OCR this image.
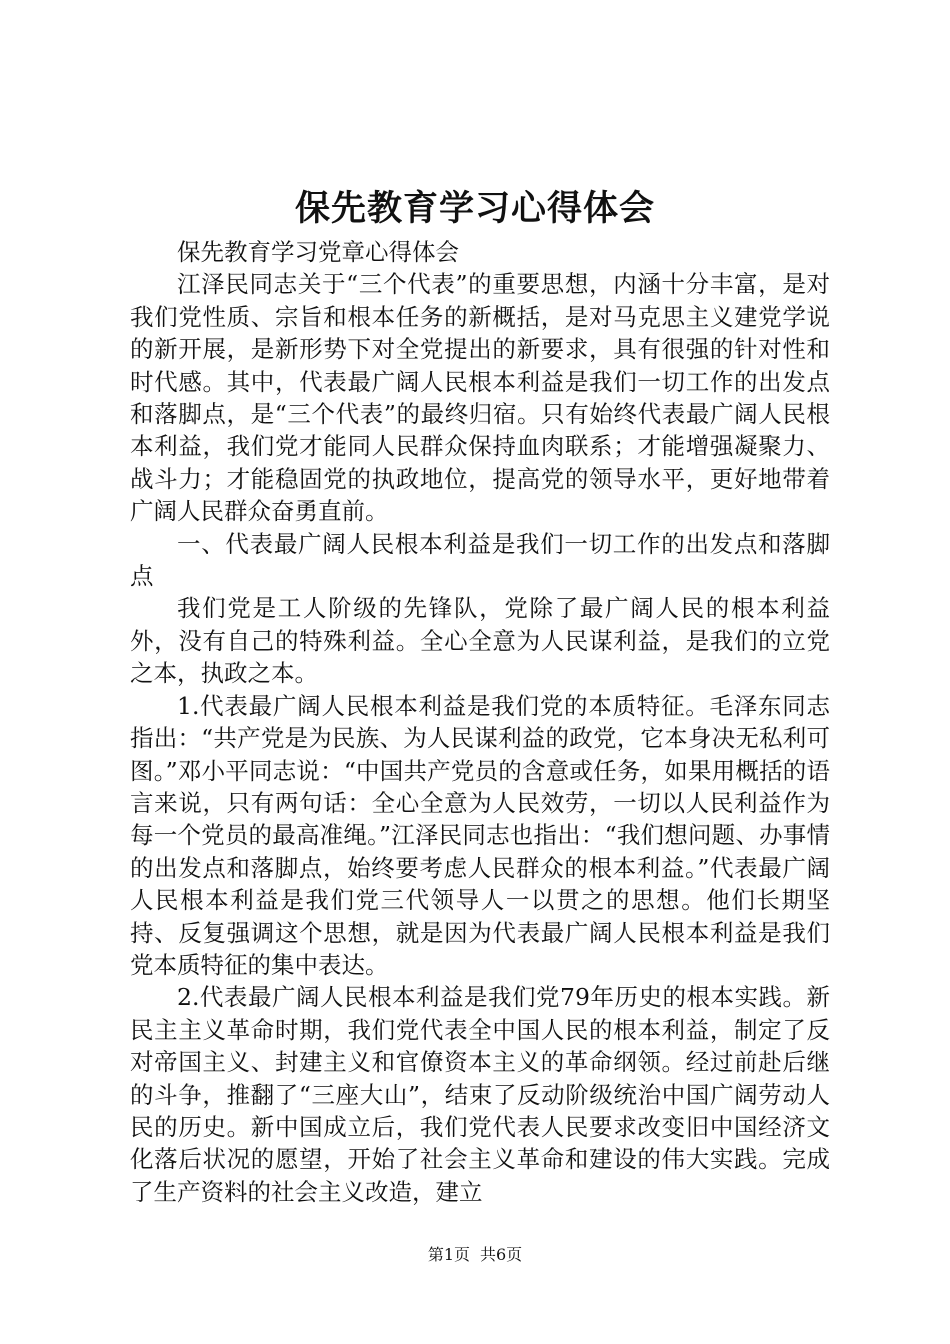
保先教育学习心得体会

保先教育学习党章心得体会

江泽民同志关于“三个代表”的重要思想，内涵十分丰富，是对我们党性质、宗旨和根本任务的新概括，是对马克思主义建党学说的新开展，是新形势下对全党提出的新要求，具有很强的针对性和时代感。其中，代表最广阔人民根本利益是我们一切工作的出发点和落脚点，是“三个代表”的最终归宿。只有始终代表最广阔人民根本利益，我们党才能同人民群众保持血肉联系；才能增强凝聚力、战斗力；才能稳固党的执政地位，提高党的领导水平，更好地带着广阔人民群众奋勇直前。

一、代表最广阔人民根本利益是我们一切工作的出发点和落脚点

我们党是工人阶级的先锋队，党除了最广阔人民的根本利益外，没有自己的特殊利益。全心全意为人民谋利益，是我们的立党之本，执政之本。

1.代表最广阔人民根本利益是我们党的本质特征。毛泽东同志指出：“共产党是为民族、为人民谋利益的政党，它本身决无私利可图。”邓小平同志说：“中国共产党员的含意或任务，如果用概括的语言来说，只有两句话：全心全意为人民效劳，一切以人民利益作为每一个党员的最高准绳。”江泽民同志也指出：“我们想问题、办事情的出发点和落脚点，始终要考虑人民群众的根本利益。”代表最广阔人民根本利益是我们党三代领导人一以贯之的思想。他们长期坚持、反复强调这个思想，就是因为代表最广阔人民根本利益是我们党本质特征的集中表达。

2.代表最广阔人民根本利益是我们党79年历史的根本实践。新民主主义革命时期，我们党代表全中国人民的根本利益，制定了反对帝国主义、封建主义和官僚资本主义的革命纲领。经过前赴后继的斗争，推翻了“三座大山”，结束了反动阶级统治中国广阔劳动人民的历史。新中国成立后，我们党代表人民要求改变旧中国经济文化落后状况的愿望，开始了社会主义革命和建设的伟大实践。完成了生产资料的社会主义改造，建立

第1页 共6页
